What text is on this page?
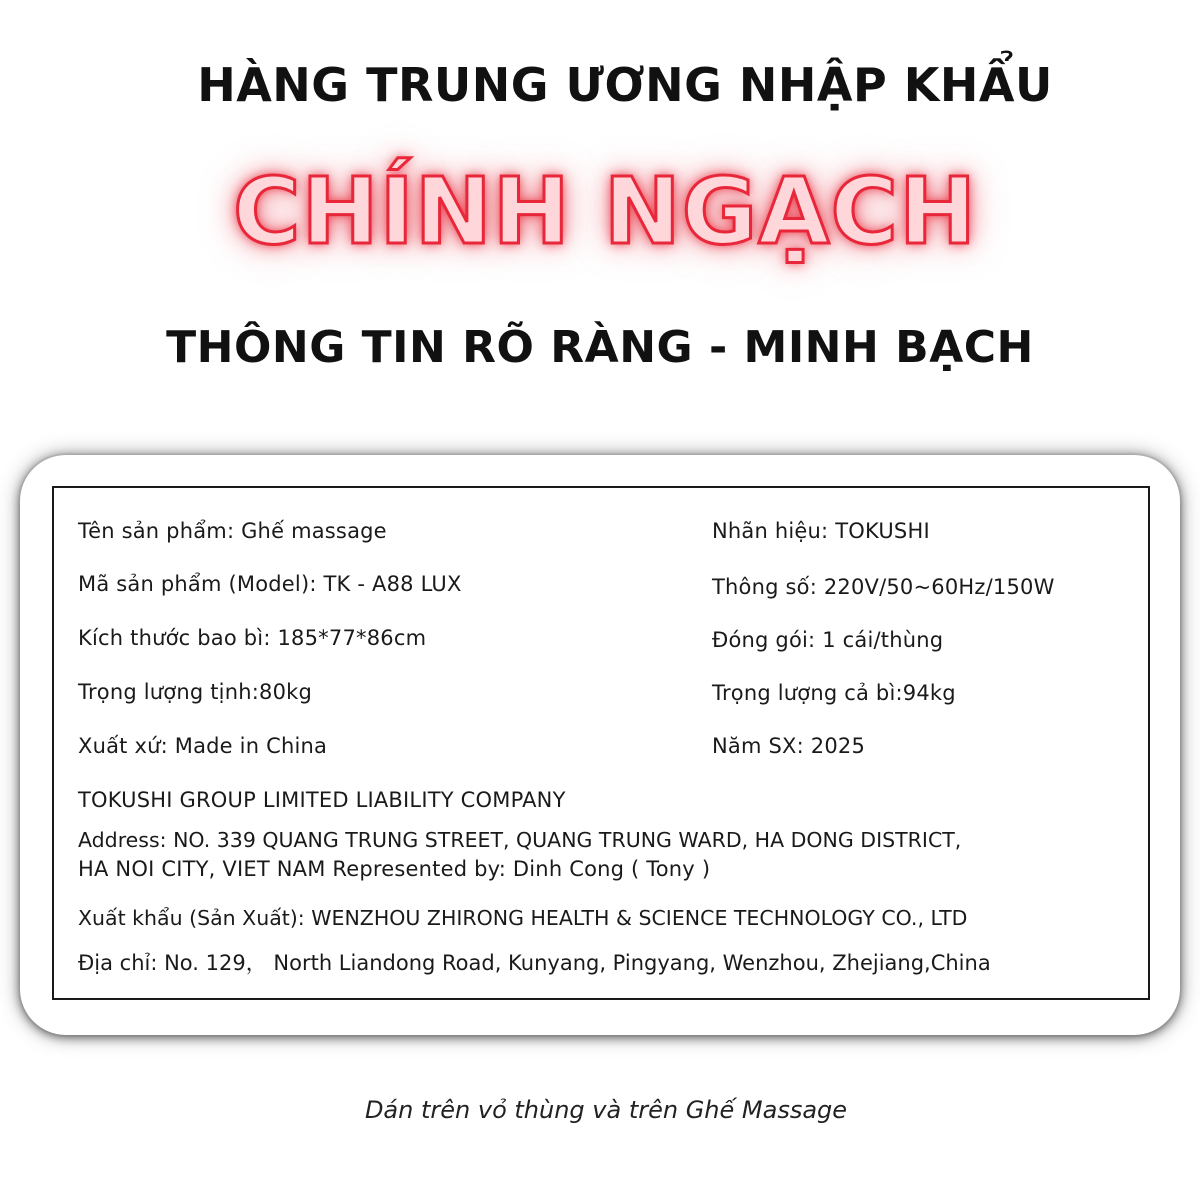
HÀNG TRUNG ƯƠNG NHẬP KHẨU
CHÍNH NGẠCH
THÔNG TIN RÕ RÀNG - MINH BẠCH
Tên sản phẩm: Ghế massage
Mã sản phẩm (Model): TK - A88 LUX
Kích thước bao bì: 185*77*86cm
Trọng lượng tịnh:80kg
Xuất xứ: Made in China
Nhãn hiệu: TOKUSHI
Thông số: 220V/50~60Hz/150W
Đóng gói: 1 cái/thùng
Trọng lượng cả bì:94kg
Năm SX: 2025
TOKUSHI GROUP LIMITED LIABILITY COMPANY
Address: NO. 339 QUANG TRUNG STREET, QUANG TRUNG WARD, HA DONG DISTRICT,
HA NOI CITY, VIET NAM Represented by: Dinh Cong ( Tony )
Xuất khẩu (Sản Xuất): WENZHOU ZHIRONG HEALTH & SCIENCE TECHNOLOGY CO., LTD
Địa chỉ: No. 129， North Liandong Road, Kunyang, Pingyang, Wenzhou, Zhejiang,China
Dán trên vỏ thùng và trên Ghế Massage
